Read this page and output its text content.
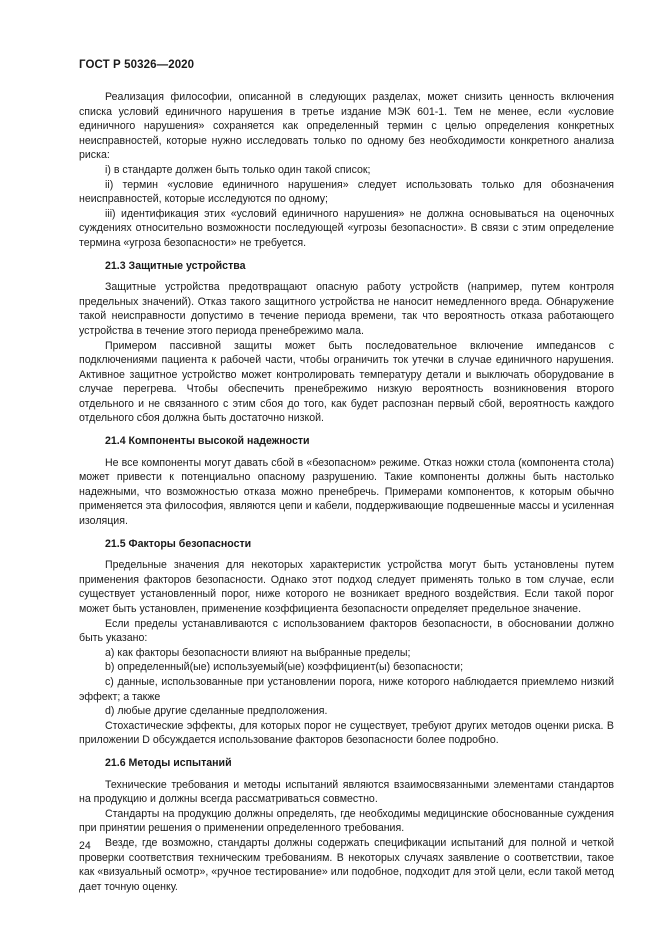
ГОСТ Р 50326—2020

Реализация философии, описанной в следующих разделах, может снизить ценность включения списка условий единичного нарушения в третье издание МЭК 601-1. Тем не менее, если «условие единичного нарушения» сохраняется как определенный термин с целью определения конкретных неисправностей, которые нужно исследовать только по одному без необходимости конкретного анализа риска:

i) в стандарте должен быть только один такой список;

ii) термин «условие единичного нарушения» следует использовать только для обозначения неисправностей, которые исследуются по одному;

iii) идентификация этих «условий единичного нарушения» не должна основываться на оценочных суждениях относительно возможности последующей «угрозы безопасности». В связи с этим определение термина «угроза безопасности» не требуется.

21.3 Защитные устройства

Защитные устройства предотвращают опасную работу устройств (например, путем контроля предельных значений). Отказ такого защитного устройства не наносит немедленного вреда. Обнаружение такой неисправности допустимо в течение периода времени, так что вероятность отказа работающего устройства в течение этого периода пренебрежимо мала.

Примером пассивной защиты может быть последовательное включение импедансов с подключениями пациента к рабочей части, чтобы ограничить ток утечки в случае единичного нарушения. Активное защитное устройство может контролировать температуру детали и выключать оборудование в случае перегрева. Чтобы обеспечить пренебрежимо низкую вероятность возникновения второго отдельного и не связанного с этим сбоя до того, как будет распознан первый сбой, вероятность каждого отдельного сбоя должна быть достаточно низкой.

21.4 Компоненты высокой надежности

Не все компоненты могут давать сбой в «безопасном» режиме. Отказ ножки стола (компонента стола) может привести к потенциально опасному разрушению. Такие компоненты должны быть настолько надежными, что возможностью отказа можно пренебречь. Примерами компонентов, к которым обычно применяется эта философия, являются цепи и кабели, поддерживающие подвешенные массы и усиленная изоляция.

21.5 Факторы безопасности

Предельные значения для некоторых характеристик устройства могут быть установлены путем применения факторов безопасности. Однако этот подход следует применять только в том случае, если существует установленный порог, ниже которого не возникает вредного воздействия. Если такой порог может быть установлен, применение коэффициента безопасности определяет предельное значение.

Если пределы устанавливаются с использованием факторов безопасности, в обосновании должно быть указано:

a) как факторы безопасности влияют на выбранные пределы;

b) определенный(ые) используемый(ые) коэффициент(ы) безопасности;

c) данные, использованные при установлении порога, ниже которого наблюдается приемлемо низкий эффект; а также

d) любые другие сделанные предположения.

Стохастические эффекты, для которых порог не существует, требуют других методов оценки риска. В приложении D обсуждается использование факторов безопасности более подробно.

21.6 Методы испытаний

Технические требования и методы испытаний являются взаимосвязанными элементами стандартов на продукцию и должны всегда рассматриваться совместно.

Стандарты на продукцию должны определять, где необходимы медицинские обоснованные суждения при принятии решения о применении определенного требования.

Везде, где возможно, стандарты должны содержать спецификации испытаний для полной и четкой проверки соответствия техническим требованиям. В некоторых случаях заявление о соответствии, такое как «визуальный осмотр», «ручное тестирование» или подобное, подходит для этой цели, если такой метод дает точную оценку.

24
